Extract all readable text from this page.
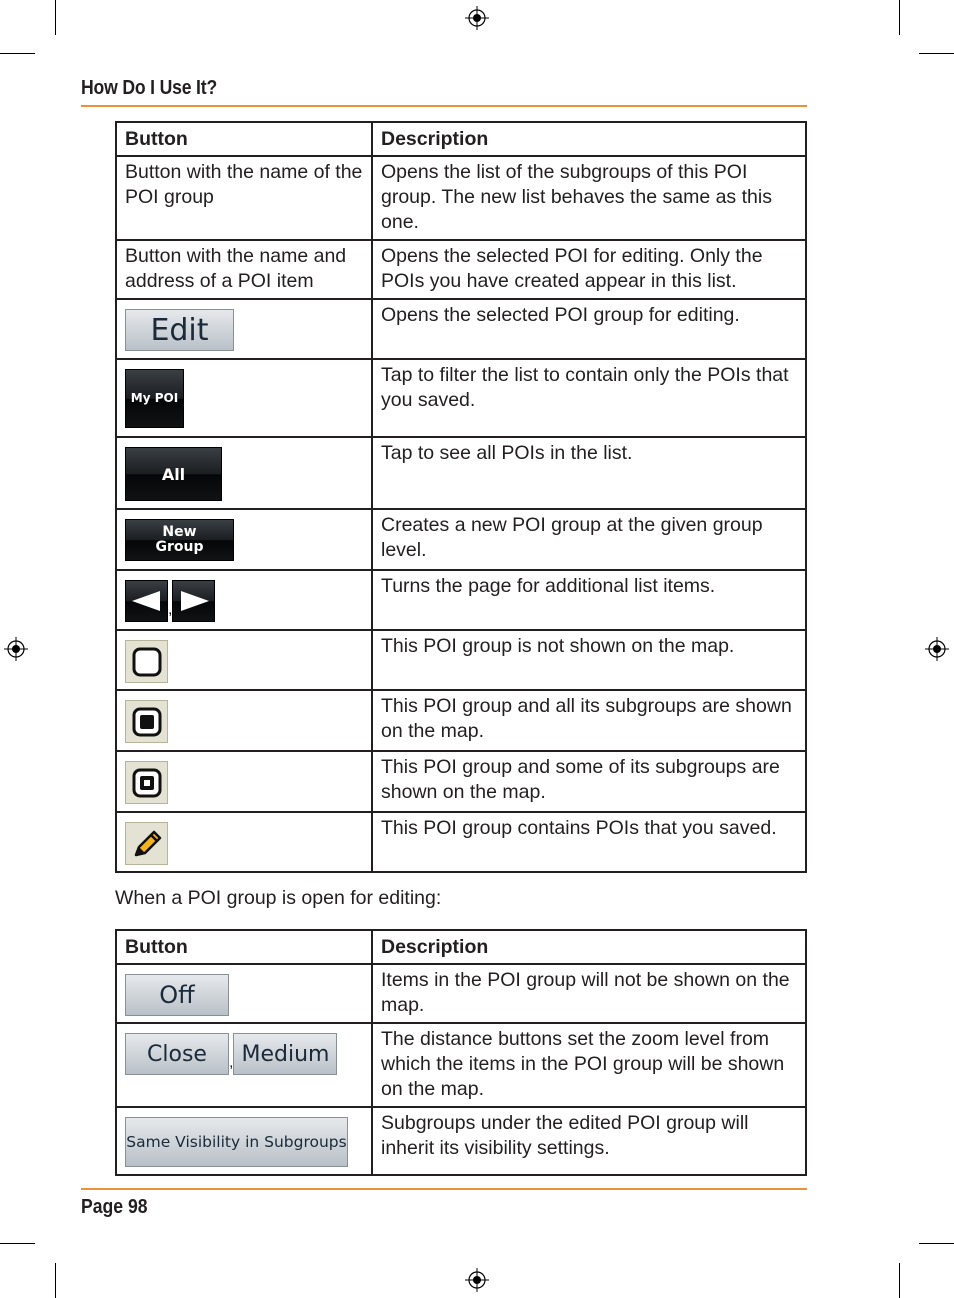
How Do I Use It?
Button	Description
Button with the name of the POI group	Opens the list of the subgroups of this POI group. The new list behaves the same as this one.
Button with the name and address of a POI item	Opens the selected POI for editing. Only the POIs you have created appear in this list.

Edit	Opens the selected POI group for editing.

My POI	Tap to filter the list to contain only the POIs that you saved.

All	Tap to see all POIs in the list.

New
Group	Creates a new POI group at the given group level.

,	Turns the page for additional list items.

	This POI group is not shown on the map.

	This POI group and all its subgroups are shown on the map.

	This POI group and some of its subgroups are shown on the map.

	This POI group contains POIs that you saved.
When a POI group is open for editing:
Button	Description

Off	Items in the POI group will not be shown on the map.

Close , Medium	The distance buttons set the zoom level from which the items in the POI group will be shown on the map.

Same Visibility in Subgroups	Subgroups under the edited POI group will inherit its visibility settings.
Page 98
